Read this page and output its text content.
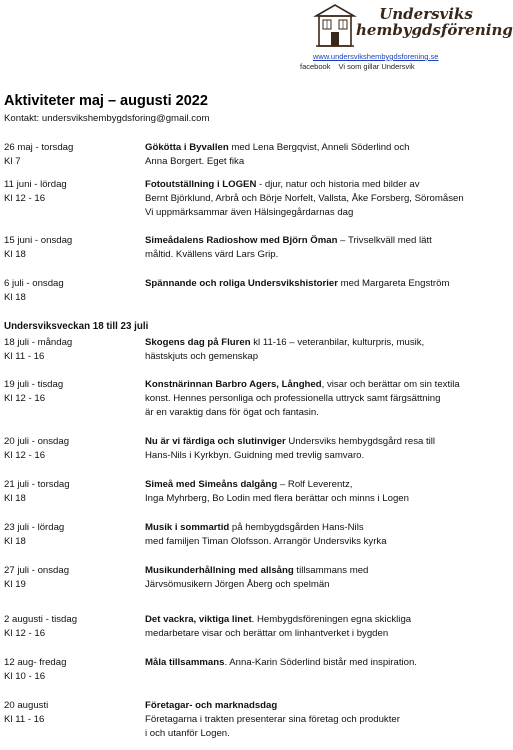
Undersviks
hembygdsförening
www.undersvikshembygdsforening.se
facebook Vi som gillar Undersvik
Aktiviteter maj – augusti 2022
Kontakt: undersvikshembygdsforing@gmail.com
Undersviksveckan 18 till 23 juli
26 maj - torsdag
Kl 7
Gököttа i Byvallen med Lena Bergqvist, Anneli Söderlind och
Anna Borgert. Eget fika
11 juni - lördag
Kl 12 - 16
Fotoutställning i LOGEN - djur, natur och historia med bilder av
Bernt Björklund, Arbrå och Börje Norfelt, Vallsta, Åke Forsberg, Söromåsen
Vi uppmärksammar även Hälsingegårdarnas dag
15 juni - onsdag
Kl 18
Simeådalens Radioshow med Björn Öman – Trivselkväll med lätt
måltid. Kvällens värd Lars Grip.
6 juli - onsdag
Kl 18
Spännande och roliga Undersvikshistorier med Margareta Engström
18 juli - måndag
Kl 11 - 16
Skogens dag på Fluren kl 11-16 – veteranbilar, kulturpris, musik,
hästskjuts och gemenskap
19 juli - tisdag
Kl 12 - 16
Konstnärinnan Barbro Agers, Långhed, visar och berättar om sin textila
konst. Hennes personliga och professionella uttryck samt färgsättning
är en varaktig dans för ögat och fantasin.
20 juli - onsdag
Kl 12 - 16
Nu är vi färdiga och slutinviger Undersviks hembygdsgård resa till
Hans-Nils i Kyrkbyn. Guidning med trevlig samvaro.
21 juli - torsdag
Kl 18
Simeå med Simeåns dalgång – Rolf Leverentz,
Inga Myhrberg, Bo Lodin med flera berättar och minns i Logen
23 juli - lördag
Kl 18
Musik i sommartid på hembygdsgården Hans-Nils
med familjen Timan Olofsson. Arrangör Undersviks kyrka
27 juli - onsdag
Kl 19
Musikunderhållning med allsång tillsammans med
Järvsömusikern Jörgen Åberg och spelmän
2 augusti - tisdag
Kl 12 - 16
Det vackra, viktiga linet. Hembygdsföreningen egna skickliga
medarbetare visar och berättar om linhantverket i bygden
12 aug- fredag
Kl 10 - 16
Måla tillsammans. Anna-Karin Söderlind bistår med inspiration.
20 augusti
Kl 11 - 16
Företagar- och marknadsdag
Företagarna i trakten presenterar sina företag och produkter
i och utanför Logen.
